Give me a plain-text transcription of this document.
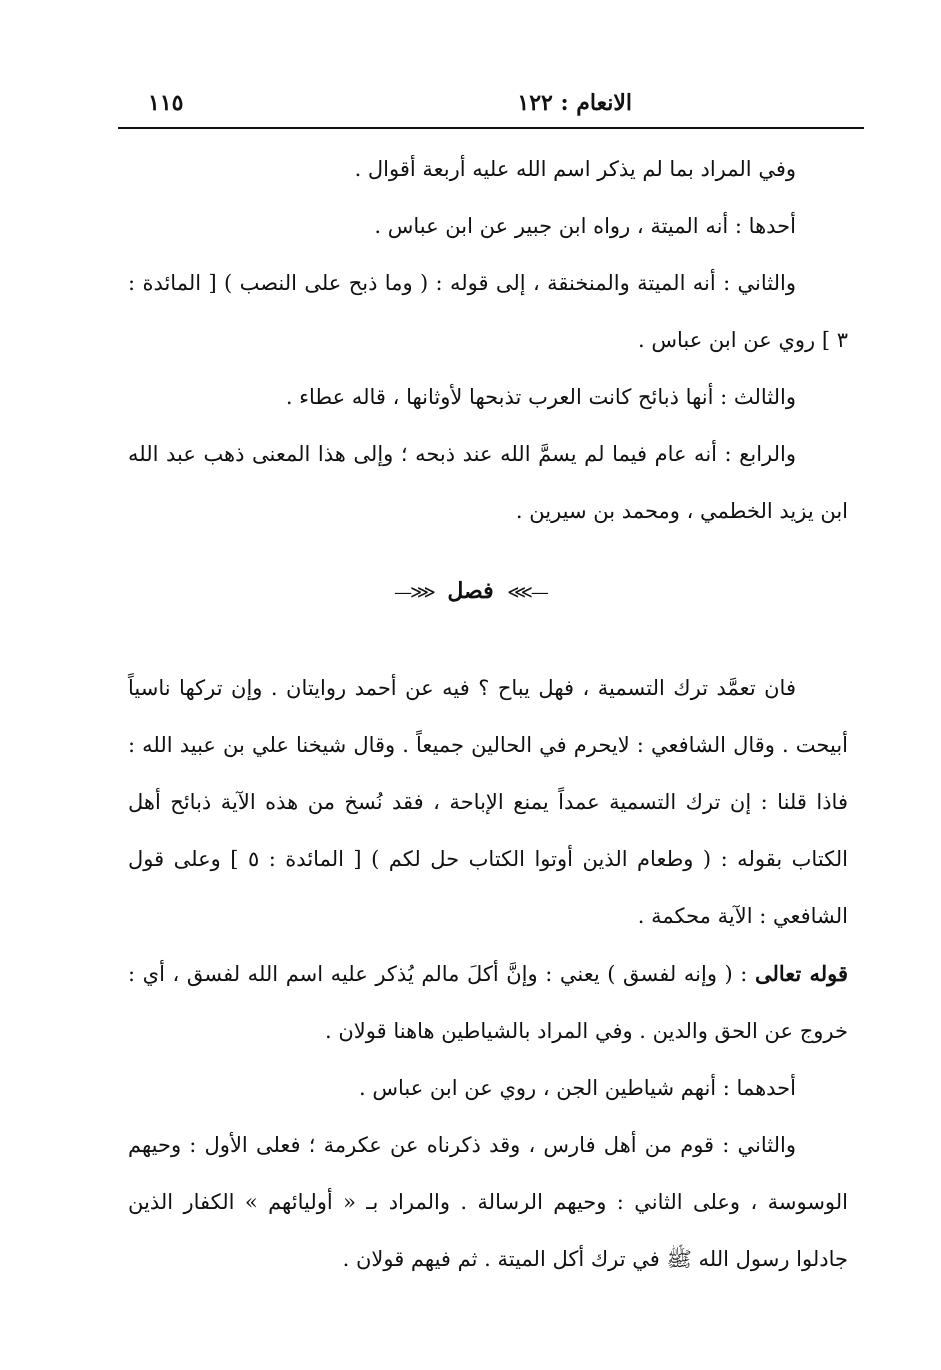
الانعام : ١٢٢
١١٥

وفي المراد بما لم يذكر اسم الله عليه أربعة أقوال .

أحدها : أنه الميتة ، رواه ابن جبير عن ابن عباس .

والثاني : أنه الميتة والمنخنقة ، إلى قوله : ( وما ذبح على النصب ) [ المائدة : ٣ ] روي عن ابن عباس .

والثالث : أنها ذبائح كانت العرب تذبحها لأوثانها ، قاله عطاء .

والرابع : أنه عام فيما لم يسمَّ الله عند ذبحه ؛ وإلى هذا المعنى ذهب عبد الله ابن يزيد الخطمي ، ومحمد بن سيرين .

—⋙ فصل ⋘—

فان تعمَّد ترك التسمية ، فهل يباح ؟ فيه عن أحمد روايتان . وإن تركها ناسياً أبيحت . وقال الشافعي : لايحرم في الحالين جميعاً . وقال شيخنا علي بن عبيد الله : فاذا قلنا : إن ترك التسمية عمداً يمنع الإباحة ، فقد نُسخ من هذه الآية ذبائح أهل الكتاب بقوله : ( وطعام الذين أوتوا الكتاب حل لكم ) [ المائدة : ٥ ] وعلى قول الشافعي : الآية محكمة .

قوله تعالى : ( وإنه لفسق ) يعني : وإنَّ أكلَ مالم يُذكر عليه اسم الله لفسق ، أي : خروج عن الحق والدين . وفي المراد بالشياطين هاهنا قولان .

أحدهما : أنهم شياطين الجن ، روي عن ابن عباس .

والثاني : قوم من أهل فارس ، وقد ذكرناه عن عكرمة ؛ فعلى الأول : وحيهم الوسوسة ، وعلى الثاني : وحيهم الرسالة . والمراد بـ « أوليائهم » الكفار الذين جادلوا رسول الله ﷺ في ترك أكل الميتة . ثم فيهم قولان .
